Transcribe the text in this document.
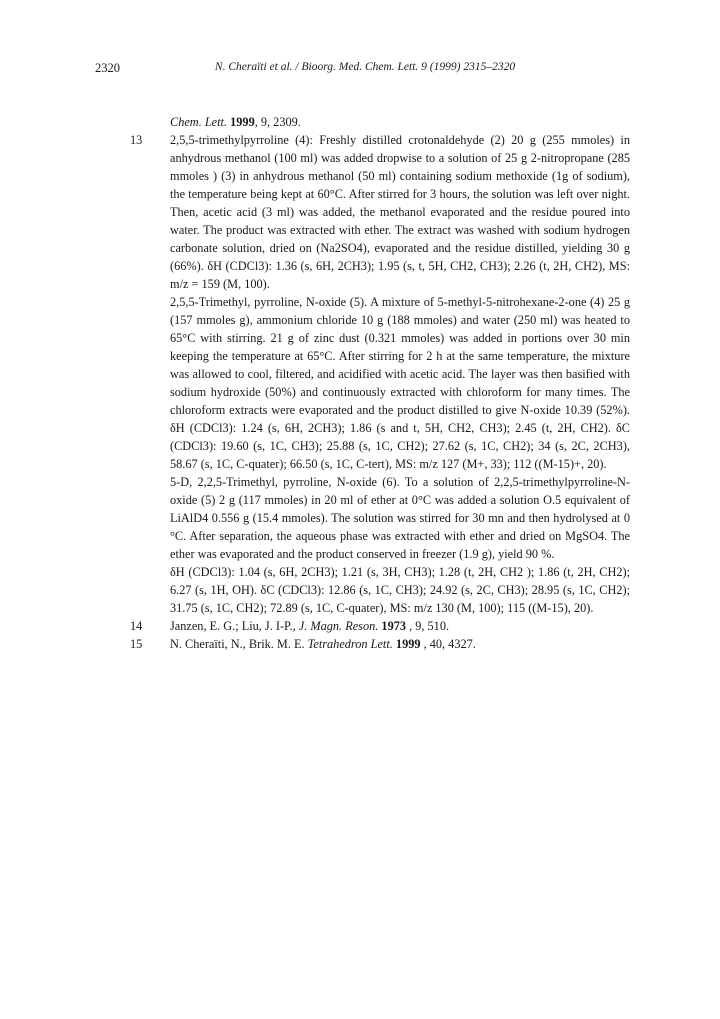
2320	N. Cheraïti et al. / Bioorg. Med. Chem. Lett. 9 (1999) 2315–2320
Chem. Lett. 1999, 9, 2309.
13 2,5,5-trimethylpyrroline (4): Freshly distilled crotonaldehyde (2) 20 g (255 mmoles) in anhydrous methanol (100 ml) was added dropwise to a solution of 25 g 2-nitropropane (285 mmoles ) (3) in anhydrous methanol (50 ml) containing sodium methoxide (1g of sodium), the temperature being kept at 60°C. After stirred for 3 hours, the solution was left over night. Then, acetic acid (3 ml) was added, the methanol evaporated and the residue poured into water. The product was extracted with ether. The extract was washed with sodium hydrogen carbonate solution, dried on (Na2SO4), evaporated and the residue distilled, yielding 30 g (66%). δH (CDCl3): 1.36 (s, 6H, 2CH3); 1.95 (s, t, 5H, CH2, CH3); 2.26 (t, 2H, CH2), MS: m/z = 159 (M, 100).

2,5,5-Trimethyl, pyrroline, N-oxide (5). A mixture of 5-methyl-5-nitrohexane-2-one (4) 25 g (157 mmoles g), ammonium chloride 10 g (188 mmoles) and water (250 ml) was heated to 65°C with stirring. 21 g of zinc dust (0.321 mmoles) was added in portions over 30 min keeping the temperature at 65°C. After stirring for 2 h at the same temperature, the mixture was allowed to cool, filtered, and acidified with acetic acid. The layer was then basified with sodium hydroxide (50%) and continuously extracted with chloroform for many times. The chloroform extracts were evaporated and the product distilled to give N-oxide 10.39 (52%). δH (CDCl3): 1.24 (s, 6H, 2CH3); 1.86 (s and t, 5H, CH2, CH3); 2.45 (t, 2H, CH2). δC (CDCl3): 19.60 (s, 1C, CH3); 25.88 (s, 1C, CH2); 27.62 (s, 1C, CH2); 34 (s, 2C, 2CH3), 58.67 (s, 1C, C-quater); 66.50 (s, 1C, C-tert), MS: m/z 127 (M+, 33); 112 ((M-15)+, 20).

5-D, 2,2,5-Trimethyl, pyrroline, N-oxide (6). To a solution of 2,2,5-trimethylpyrroline-N-oxide (5) 2 g (117 mmoles) in 20 ml of ether at 0°C was added a solution O.5 equivalent of LiAlD4 0.556 g (15.4 mmoles). The solution was stirred for 30 mn and then hydrolysed at 0 °C. After separation, the aqueous phase was extracted with ether and dried on MgSO4. The ether was evaporated and the product conserved in freezer (1.9 g), yield 90 %.

δH (CDCl3): 1.04 (s, 6H, 2CH3); 1.21 (s, 3H, CH3); 1.28 (t, 2H, CH2 ); 1.86 (t, 2H, CH2); 6.27 (s, 1H, OH). δC (CDCl3): 12.86 (s, 1C, CH3); 24.92 (s, 2C, CH3); 28.95 (s, 1C, CH2); 31.75 (s, 1C, CH2); 72.89 (s, 1C, C-quater), MS: m/z 130 (M, 100); 115 ((M-15), 20).

14 Janzen, E. G.; Liu, J. I-P., J. Magn. Reson. 1973 , 9, 510.
15 N. Cheraïti, N., Brik. M. E. Tetrahedron Lett. 1999 , 40, 4327.
